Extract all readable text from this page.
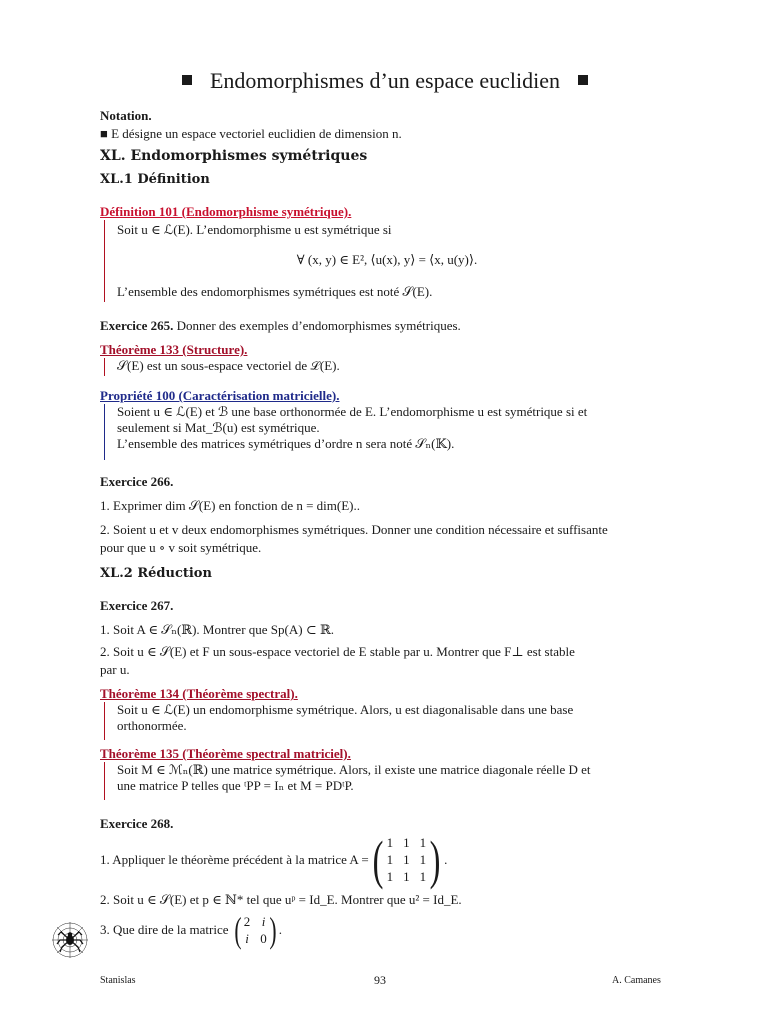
Endomorphismes d’un espace euclidien
Notation.
■ E désigne un espace vectoriel euclidien de dimension n.
XL. Endomorphismes symétriques
XL.1 Définition
Définition 101 (Endomorphisme symétrique).
Soit u ∈ ℒ(E). L’endomorphisme u est symétrique si
∀ (x, y) ∈ E², ⟨u(x), y⟩ = ⟨x, u(y)⟩.
L’ensemble des endomorphismes symétriques est noté 𝒮(E).
Exercice 265. Donner des exemples d’endomorphismes symétriques.
Théorème 133 (Structure).
𝒮(E) est un sous-espace vectoriel de ℒ(E).
Propriété 100 (Caractérisation matricielle).
Soient u ∈ ℒ(E) et ℬ une base orthonormée de E. L’endomorphisme u est symétrique si et
seulement si Mat_ℬ(u) est symétrique.
L’ensemble des matrices symétriques d’ordre n sera noté 𝒮ₙ(𝕂).
Exercice 266.
1. Exprimer dim 𝒮(E) en fonction de n = dim(E)..
2. Soient u et v deux endomorphismes symétriques. Donner une condition nécessaire et suffisante
pour que u ∘ v soit symétrique.
XL.2 Réduction
Exercice 267.
1. Soit A ∈ 𝒮ₙ(ℝ). Montrer que Sp(A) ⊂ ℝ.
2. Soit u ∈ 𝒮(E) et F un sous-espace vectoriel de E stable par u. Montrer que F⊥ est stable
par u.
Théorème 134 (Théorème spectral).
Soit u ∈ ℒ(E) un endomorphisme symétrique. Alors, u est diagonalisable dans une base
orthonormée.
Théorème 135 (Théorème spectral matriciel).
Soit M ∈ ℳₙ(ℝ) une matrice symétrique. Alors, il existe une matrice diagonale réelle D et
une matrice P telles que ᵗPP = Iₙ et M = PDᵗP.
Exercice 268.
1. Appliquer le théorème précédent à la matrice A = ( 1 1 1
1 1 1
1 1 1 ) .
2. Soit u ∈ 𝒮(E) et p ∈ ℕ* tel que uᵖ = Id_E. Montrer que u² = Id_E.
3. Que dire de la matrice
( 2 i
i 0 ) .
Stanislas	93	A. Camanes
